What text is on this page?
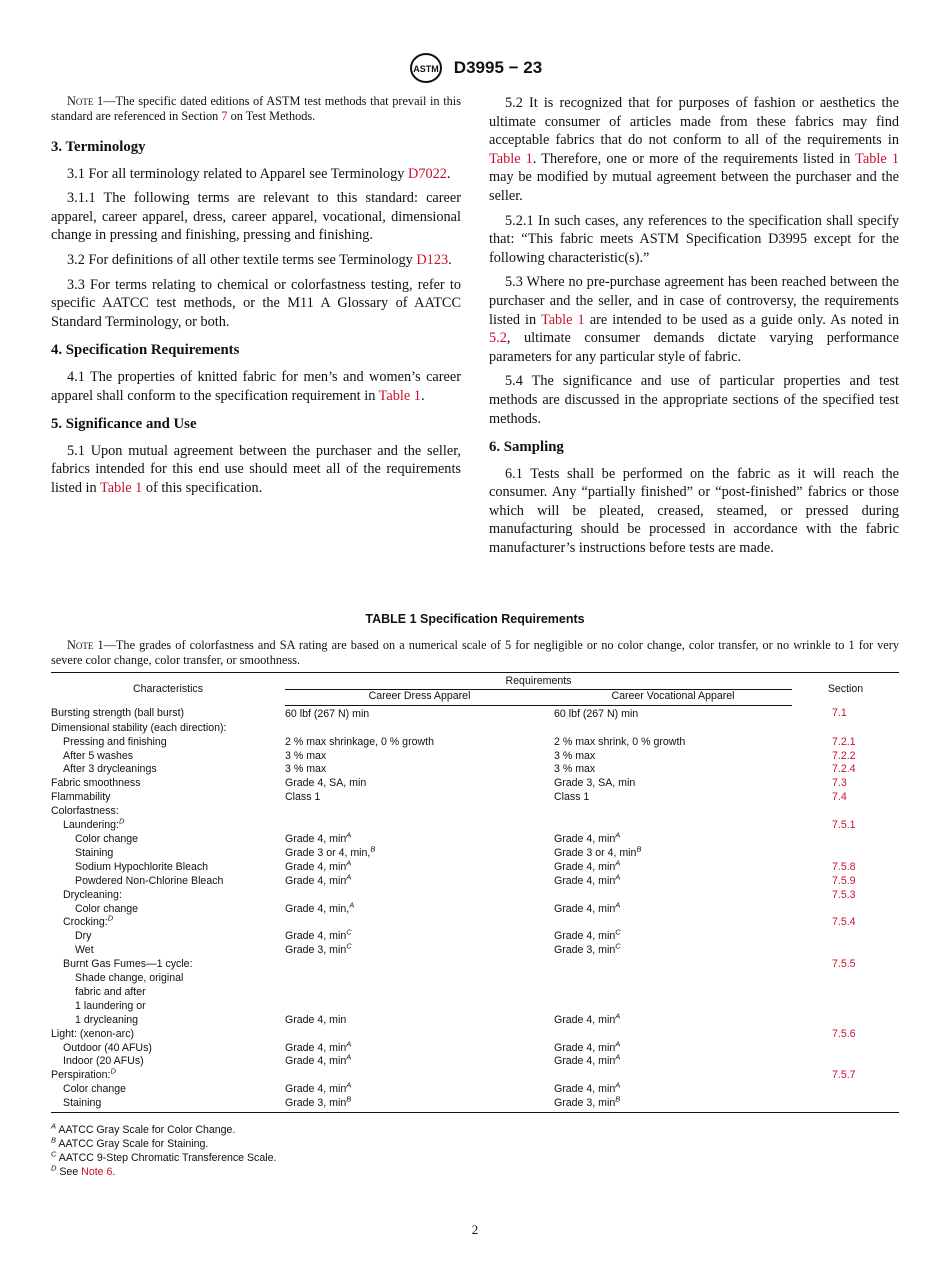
ASTM D3995 − 23

Note 1—The specific dated editions of ASTM test methods that prevail in this standard are referenced in Section 7 on Test Methods.

3. Terminology

3.1 For all terminology related to Apparel see Terminology D7022.

3.1.1 The following terms are relevant to this standard: career apparel, career apparel, dress, career apparel, vocational, dimensional change in pressing and finishing, pressing and finishing.

3.2 For definitions of all other textile terms see Terminology D123.

3.3 For terms relating to chemical or colorfastness testing, refer to specific AATCC test methods, or the M11 A Glossary of AATCC Standard Terminology, or both.

4. Specification Requirements

4.1 The properties of knitted fabric for men’s and women’s career apparel shall conform to the specification requirement in Table 1.

5. Significance and Use

5.1 Upon mutual agreement between the purchaser and the seller, fabrics intended for this end use should meet all of the requirements listed in Table 1 of this specification.

5.2 It is recognized that for purposes of fashion or aesthetics the ultimate consumer of articles made from these fabrics may find acceptable fabrics that do not conform to all of the requirements in Table 1. Therefore, one or more of the requirements listed in Table 1 may be modified by mutual agreement between the purchaser and the seller.

5.2.1 In such cases, any references to the specification shall specify that: “This fabric meets ASTM Specification D3995 except for the following characteristic(s).”

5.3 Where no pre-purchase agreement has been reached between the purchaser and the seller, and in case of controversy, the requirements listed in Table 1 are intended to be used as a guide only. As noted in 5.2, ultimate consumer demands dictate varying performance parameters for any particular style of fabric.

5.4 The significance and use of particular properties and test methods are discussed in the appropriate sections of the specified test methods.

6. Sampling

6.1 Tests shall be performed on the fabric as it will reach the consumer. Any “partially finished” or “post-finished” fabrics or those which will be pleated, creased, steamed, or pressed during manufacturing should be processed in accordance with the fabric manufacturer’s instructions before tests are made.

TABLE 1 Specification Requirements
Note 1—The grades of colorfastness and SA rating are based on a numerical scale of 5 for negligible or no color change, color transfer, or no wrinkle to 1 for very severe color change, color transfer, or smoothness.
Characteristics	Requirements		Section
	Career Dress Apparel	Career Vocational Apparel	
Bursting strength (ball burst)	60 lbf (267 N) min	60 lbf (267 N) min	7.1
Dimensional stability (each direction):			
Pressing and finishing	2 % max shrinkage, 0 % growth	2 % max shrink, 0 % growth	7.2.1
After 5 washes	3 % max	3 % max	7.2.2
After 3 drycleanings	3 % max	3 % max	7.2.4
Fabric smoothness	Grade 4, SA, min	Grade 3, SA, min	7.3
Flammability	Class 1	Class 1	7.4
Colorfastness:			
Laundering:$^D$			7.5.1
Color change	Grade 4, $\min^A$	Grade 4, $\min^A$	
Staining	Grade 3 or 4, min,$^B$	Grade 3 or 4, $\min^B$	
Sodium Hypochlorite Bleach	Grade 4, $\min^A$	Grade 4, $\min^A$	7.5.8
Powdered Non-Chlorine Bleach	Grade 4, $\min^A$	Grade 4, $\min^A$	7.5.9
Drycleaning:			7.5.3
Color change	Grade 4, min,$^A$	Grade 4, $\min^A$	
Crocking:$^D$			7.5.4
Dry	Grade 4, $\min^C$	Grade 4, $\min^C$	
Wet	Grade 3, $\min^C$	Grade 3, $\min^C$	
Burnt Gas Fumes—1 cycle:			7.5.5
Shade change, original			
fabric and after			
1 laundering or			
1 drycleaning	Grade 4, min	Grade 4, $\min^A$	
Light: (xenon-arc)			7.5.6
Outdoor (40 AFUs)	Grade 4, $\min^A$	Grade 4, $\min^A$	
Indoor (20 AFUs)	Grade 4, $\min^A$	Grade 4, $\min^A$	
Perspiration:$^D$			7.5.7
Color change	Grade 4, $\min^A$	Grade 4, $\min^A$	
Staining	Grade 3, $\min^B$	Grade 3, $\min^B$	
$^A$ AATCC Gray Scale for Color Change.
$^B$ AATCC Gray Scale for Staining.
$^C$ AATCC 9-Step Chromatic Transference Scale.
$^D$ See Note 6.
2
